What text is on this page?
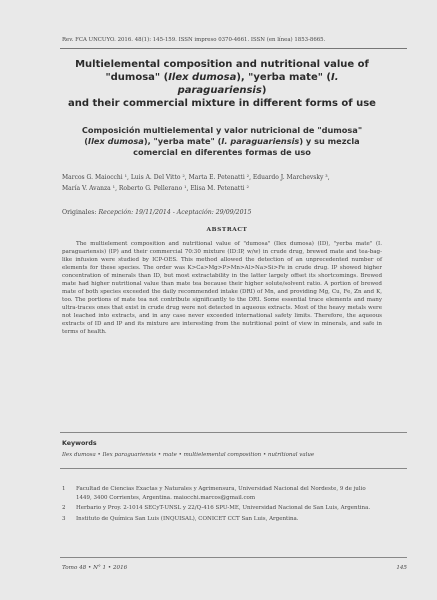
Rev. FCA UNCUYO. 2016. 48(1): 145-159. ISSN impreso 0370-4661. ISSN (en línea) 1853-8665.
Multielemental composition and nutritional value of
"dumosa" (Ilex dumosa), "yerba mate" (I. paraguariensis)
and their commercial mixture in different forms of use
Composición multielemental y valor nutricional de "dumosa"
(Ilex dumosa), "yerba mate" (I. paraguariensis) y su mezcla
comercial en diferentes formas de uso
Marcos G. Maiocchi ¹, Luis A. Del Vitto ², Marta E. Petenatti ², Eduardo J. Marchevsky ³,
María V. Avanza ¹, Roberto G. Pellerano ¹, Elisa M. Petenatti ²
Originales: Recepción: 19/11/2014 - Aceptación: 29/09/2015
ABSTRACT

The multielement composition and nutritional value of "dumosa" (Ilex dumosa) (ID), "yerba mate" (I. paraguariensis) (IP) and their commercial 70:30 mixture (ID:IP, w/w) in crude drug, brewed mate and tea-bag-like infusion were studied by ICP-OES. This method allowed the detection of an unprecedented number of elements for these species. The order was K>Ca>Mg>P>Mn>Al>Na>Si>Fe in crude drug. IP showed higher concentration of minerals than ID, but most extractability in the latter largely offset its shortcomings. Brewed mate had higher nutritional value than mate tea because their higher solute/solvent ratio. A portion of brewed mate of both species exceeded the daily recommended intake (DRI) of Mn, and providing Mg, Cu, Fe, Zn and K, too. The portions of mate tea not contribute significantly to the DRI. Some essential trace elements and many ultra-traces ones that exist in crude drug were not detected in aqueous extracts. Most of the heavy metals were not leached into extracts, and in any case never exceeded international safety limits. Therefore, the aqueous extracts of ID and IP and its mixture are interesting from the nutritional point of view in minerals, and safe in terms of health.

Keywords
Ilex dumosa • Ilex paraguariensis • mate • multielemental composition • nutritional value
1 Facultad de Ciencias Exactas y Naturales y Agrimensura, Universidad Nacional del Nordeste, 9 de julio 1449, 3400 Corrientes, Argentina. maiocchi.marcos@gmail.com
2 Herbario y Proy. 2-1014 SECyT-UNSL y 22/Q-416 SPU-ME, Universidad Nacional de San Luis, Argentina.
3 Instituto de Química San Luis (INQUISAL), CONICET CCT San Luis, Argentina.
Tomo 48 • N° 1 • 2016	145
